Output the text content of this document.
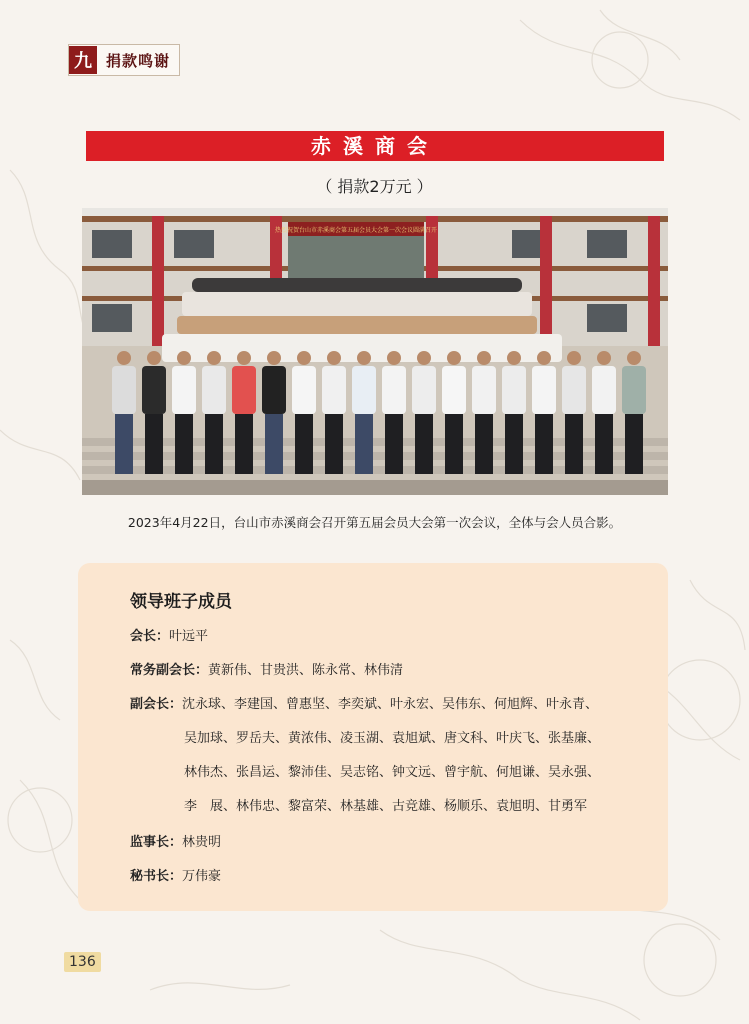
九 捐款鸣谢
赤溪商会
（ 捐款2万元 ）
热烈祝贺台山市赤溪商会第五届会员大会第一次会议圆满召开
2023年4月22日，台山市赤溪商会召开第五届会员大会第一次会议，全体与会人员合影。
领导班子成员
会长：叶远平
常务副会长：黄新伟、甘贵洪、陈永常、林伟清
副会长：沈永球、李建国、曾惠坚、李奕斌、叶永宏、吴伟东、何旭辉、叶永青、
吴加球、罗岳夫、黄浓伟、凌玉湖、袁旭斌、唐文科、叶庆飞、张基廉、
林伟杰、张昌运、黎沛佳、吴志铭、钟文远、曾宇航、何旭谦、吴永强、
李　展、林伟忠、黎富荣、林基雄、古竞雄、杨顺乐、袁旭明、甘勇军
监事长：林贵明
秘书长：万伟豪
136
